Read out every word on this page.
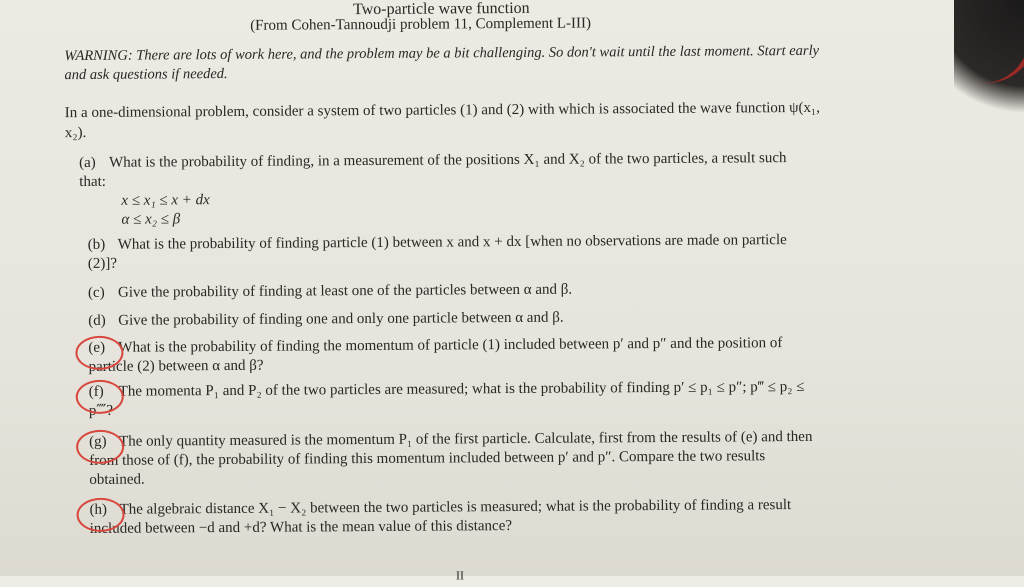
Two-particle wave function
(From Cohen-Tannoudji problem 11, Complement L-III)
WARNING: There are lots of work here, and the problem may be a bit challenging. So don't wait until the last moment. Start early and ask questions if needed.
In a one-dimensional problem, consider a system of two particles (1) and (2) with which is associated the wave function ψ(x₁, x₂).
(a) What is the probability of finding, in a measurement of the positions X₁ and X₂ of the two particles, a result such that:
x ≤ x₁ ≤ x + dx
α ≤ x₂ ≤ β
(b) What is the probability of finding particle (1) between x and x + dx [when no observations are made on particle (2)]?
(c) Give the probability of finding at least one of the particles between α and β.
(d) Give the probability of finding one and only one particle between α and β.
(e) What is the probability of finding the momentum of particle (1) included between p′ and p″ and the position of particle (2) between α and β?
(f) The momenta P₁ and P₂ of the two particles are measured; what is the probability of finding p′ ≤ p₁ ≤ p″; p‴ ≤ p₂ ≤ p⁗?
(g) The only quantity measured is the momentum P₁ of the first particle. Calculate, first from the results of (e) and then from those of (f), the probability of finding this momentum included between p′ and p″. Compare the two results obtained.
(h) The algebraic distance X₁ − X₂ between the two particles is measured; what is the probability of finding a result included between −d and +d? What is the mean value of this distance?
II
